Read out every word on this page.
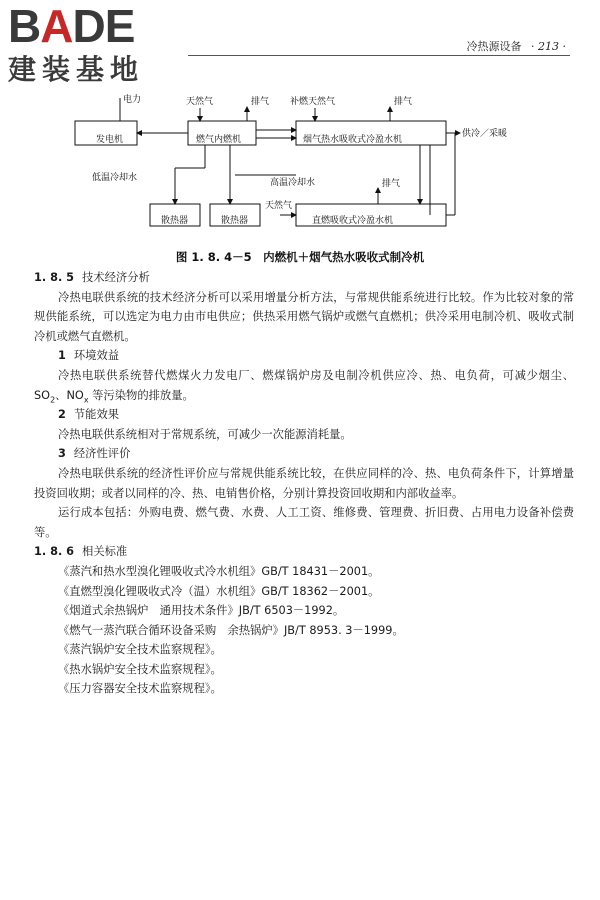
BADE
建装基地
冷热源设备 · 213 ·
发电机	燃气内燃机	烟气热水吸收式冷盈水机
散热器	散热器	直燃吸收式冷盈水机
电力	天然气	排气 补燃天然气	排气
供冷／采暖
低温冷却水	高温冷却水	排气
天然气
图 1. 8. 4－5　内燃机＋烟气热水吸收式制冷机
1. 8. 5 技术经济分析

冷热电联供系统的技术经济分析可以采用增量分析方法，与常规供能系统进行比较。作为比较对象的常规供能系统，可以选定为电力由市电供应；供热采用燃气锅炉或燃气直燃机；供冷采用电制冷机、吸收式制冷机或燃气直燃机。

1 环境效益

冷热电联供系统替代燃煤火力发电厂、燃煤锅炉房及电制冷机供应冷、热、电负荷，可减少烟尘、$SO_2$、$NO_x$ 等污染物的排放量。

2 节能效果

冷热电联供系统相对于常规系统，可减少一次能源消耗量。

3 经济性评价

冷热电联供系统的经济性评价应与常规供能系统比较，在供应同样的冷、热、电负荷条件下，计算增量投资回收期；或者以同样的冷、热、电销售价格，分别计算投资回收期和内部收益率。

运行成本包括：外购电费、燃气费、水费、人工工资、维修费、管理费、折旧费、占用电力设备补偿费等。

1. 8. 6 相关标准

《蒸汽和热水型溴化锂吸收式冷水机组》GB/T 18431－2001。

《直燃型溴化锂吸收式冷（温）水机组》GB/T 18362－2001。

《烟道式余热锅炉　通用技术条件》JB/T 6503－1992。

《燃气一蒸汽联合循环设备采购　余热锅炉》JB/T 8953. 3－1999。

《蒸汽锅炉安全技术监察规程》。

《热水锅炉安全技术监察规程》。

《压力容器安全技术监察规程》。
